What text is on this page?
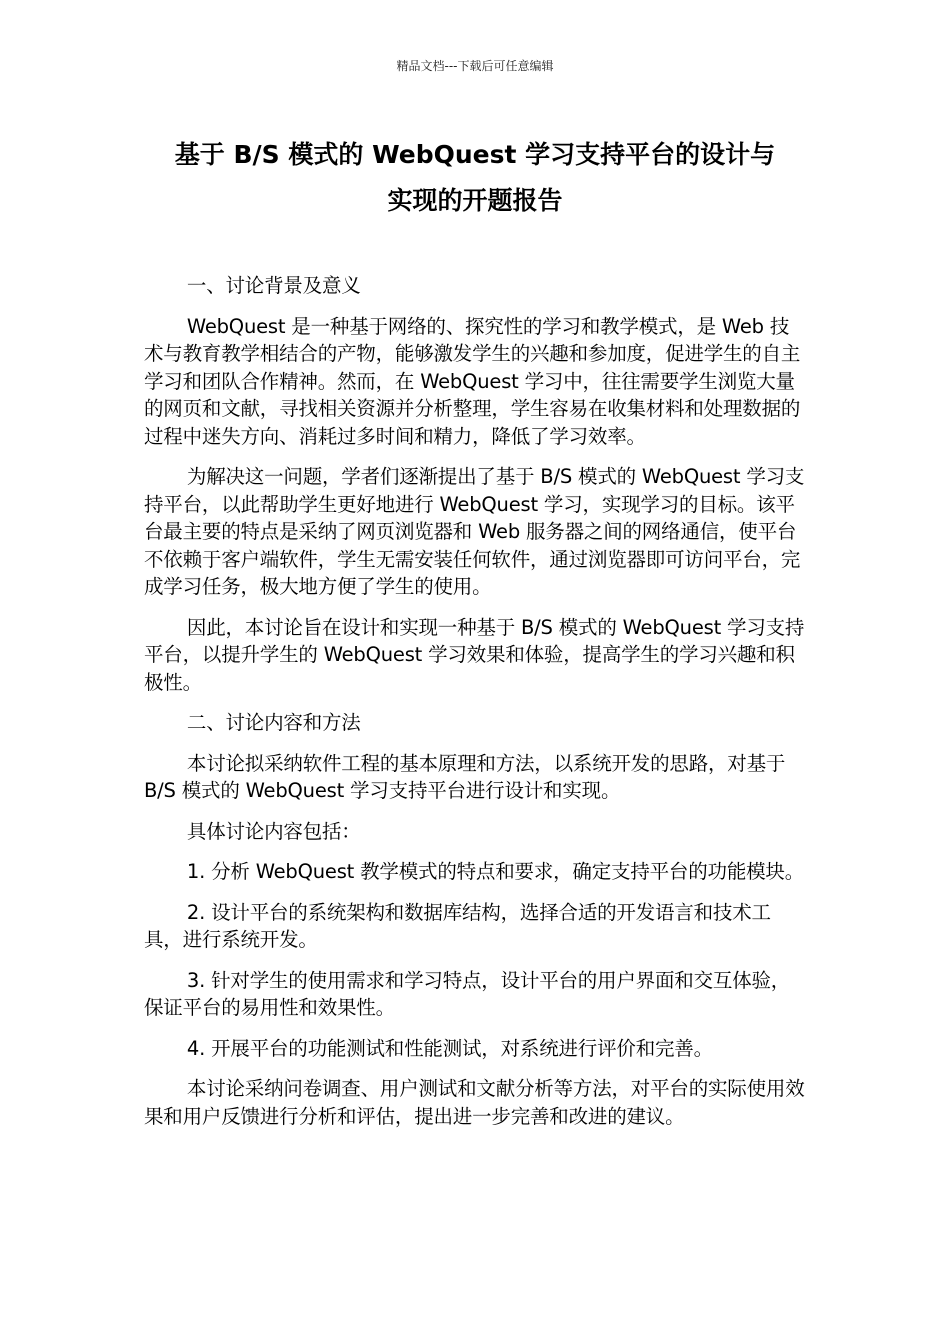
精品文档---下载后可任意编辑
基于 B/S 模式的 WebQuest 学习支持平台的设计与
实现的开题报告

一、讨论背景及意义

WebQuest 是一种基于网络的、探究性的学习和教学模式，是 Web 技术与教育教学相结合的产物，能够激发学生的兴趣和参加度，促进学生的自主学习和团队合作精神。然而，在 WebQuest 学习中，往往需要学生浏览大量的网页和文献，寻找相关资源并分析整理，学生容易在收集材料和处理数据的过程中迷失方向、消耗过多时间和精力，降低了学习效率。

为解决这一问题，学者们逐渐提出了基于 B/S 模式的 WebQuest 学习支持平台，以此帮助学生更好地进行 WebQuest 学习，实现学习的目标。该平台最主要的特点是采纳了网页浏览器和 Web 服务器之间的网络通信，使平台不依赖于客户端软件，学生无需安装任何软件，通过浏览器即可访问平台，完成学习任务，极大地方便了学生的使用。

因此，本讨论旨在设计和实现一种基于 B/S 模式的 WebQuest 学习支持平台，以提升学生的 WebQuest 学习效果和体验，提高学生的学习兴趣和积极性。

二、讨论内容和方法

本讨论拟采纳软件工程的基本原理和方法，以系统开发的思路，对基于 B/S 模式的 WebQuest 学习支持平台进行设计和实现。

具体讨论内容包括：

1. 分析 WebQuest 教学模式的特点和要求，确定支持平台的功能模块。

2. 设计平台的系统架构和数据库结构，选择合适的开发语言和技术工具，进行系统开发。

3. 针对学生的使用需求和学习特点，设计平台的用户界面和交互体验，保证平台的易用性和效果性。

4. 开展平台的功能测试和性能测试，对系统进行评价和完善。

本讨论采纳问卷调查、用户测试和文献分析等方法，对平台的实际使用效果和用户反馈进行分析和评估，提出进一步完善和改进的建议。
